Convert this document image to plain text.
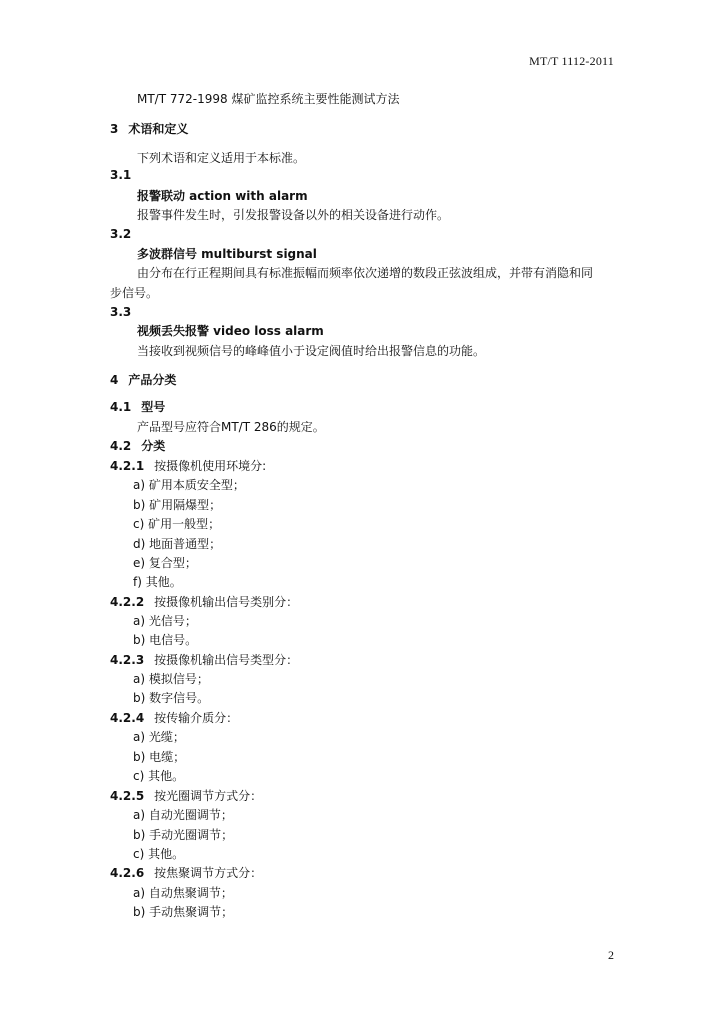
MT/T 1112-2011
MT/T 772-1998 煤矿监控系统主要性能测试方法
3 术语和定义
下列术语和定义适用于本标准。
3.1
报警联动 action with alarm
报警事件发生时，引发报警设备以外的相关设备进行动作。
3.2
多波群信号 multiburst signal
由分布在行正程期间具有标准振幅而频率依次递增的数段正弦波组成，并带有消隐和同
步信号。
3.3
视频丢失报警 video loss alarm
当接收到视频信号的峰峰值小于设定阀值时给出报警信息的功能。
4 产品分类
4.1 型号
产品型号应符合MT/T 286的规定。
4.2 分类
4.2.1 按摄像机使用环境分:
a) 矿用本质安全型；
b) 矿用隔爆型；
c) 矿用一般型；
d) 地面普通型；
e) 复合型；
f) 其他。
4.2.2 按摄像机输出信号类别分：
a) 光信号；
b) 电信号。
4.2.3 按摄像机输出信号类型分：
a) 模拟信号；
b) 数字信号。
4.2.4 按传输介质分：
a) 光缆；
b) 电缆；
c) 其他。
4.2.5 按光圈调节方式分：
a) 自动光圈调节；
b) 手动光圈调节；
c) 其他。
4.2.6 按焦聚调节方式分：
a) 自动焦聚调节；
b) 手动焦聚调节；
2
